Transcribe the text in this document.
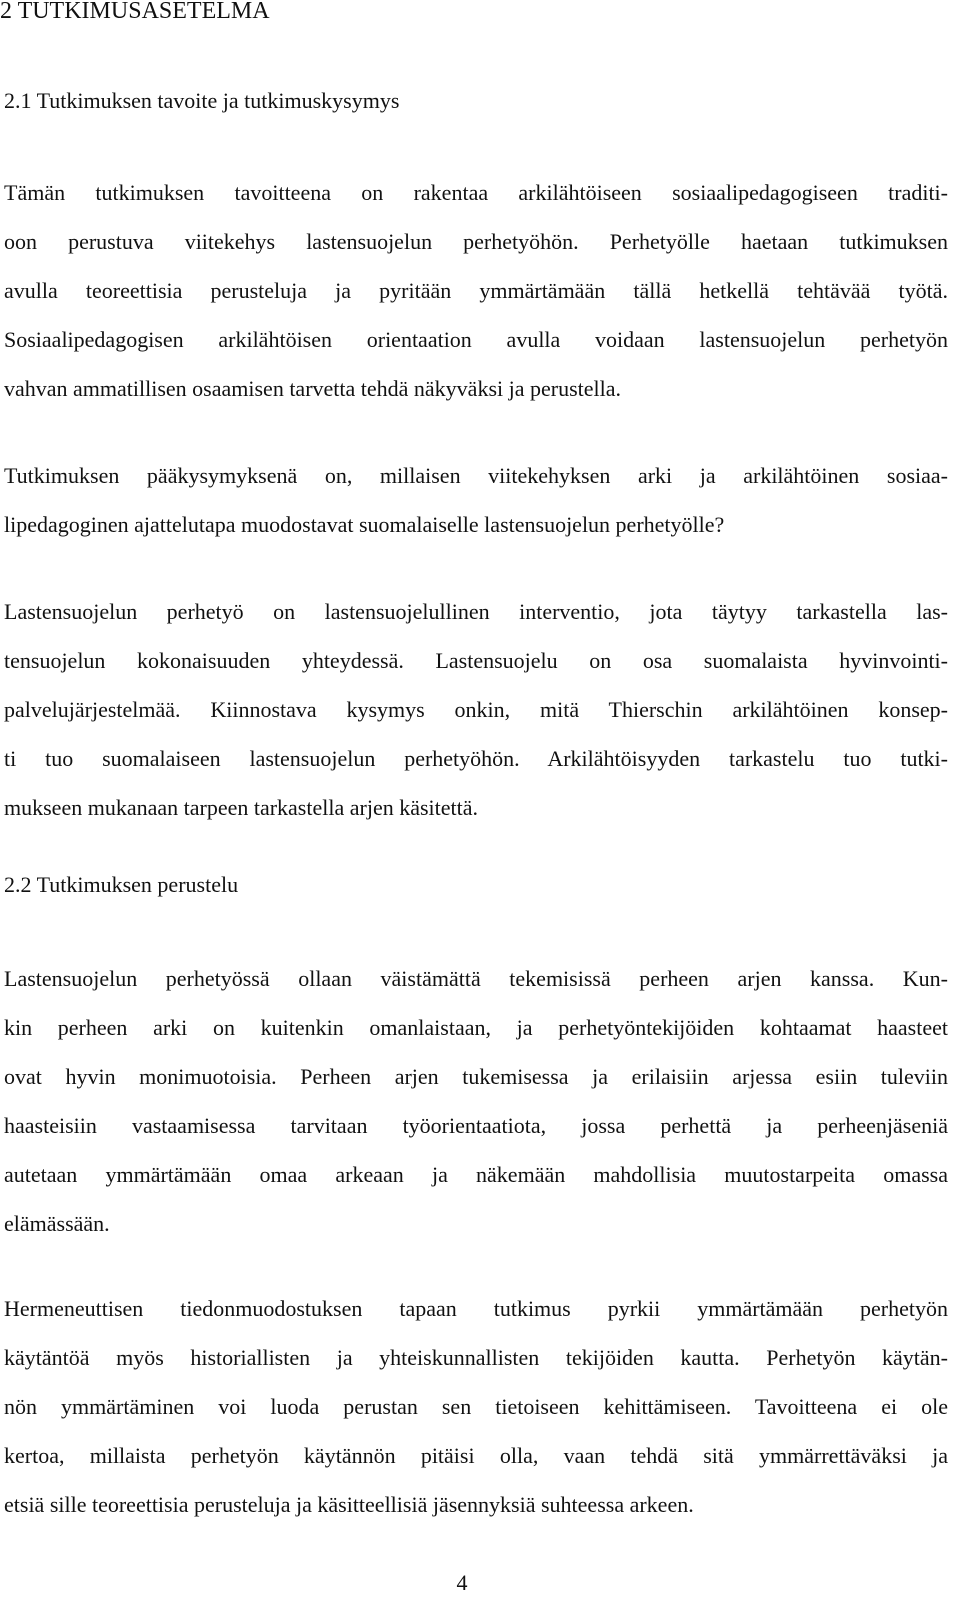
2 TUTKIMUSASETELMA
2.1 Tutkimuksen tavoite ja tutkimuskysymys
Tämän tutkimuksen tavoitteena on rakentaa arkilähtöiseen sosiaalipedagogiseen traditi-
oon perustuva viitekehys lastensuojelun perhetyöhön. Perhetyölle haetaan tutkimuksen
avulla teoreettisia perusteluja ja pyritään ymmärtämään tällä hetkellä tehtävää työtä.
Sosiaalipedagogisen arkilähtöisen orientaation avulla voidaan lastensuojelun perhetyön
vahvan ammatillisen osaamisen tarvetta tehdä näkyväksi ja perustella.
Tutkimuksen pääkysymyksenä on, millaisen viitekehyksen arki ja arkilähtöinen sosiaa-
lipedagoginen ajattelutapa muodostavat suomalaiselle lastensuojelun perhetyölle?
Lastensuojelun perhetyö on lastensuojelullinen interventio, jota täytyy tarkastella las-
tensuojelun kokonaisuuden yhteydessä. Lastensuojelu on osa suomalaista hyvinvointi-
palvelujärjestelmää. Kiinnostava kysymys onkin, mitä Thierschin arkilähtöinen konsep-
ti tuo suomalaiseen lastensuojelun perhetyöhön. Arkilähtöisyyden tarkastelu tuo tutki-
mukseen mukanaan tarpeen tarkastella arjen käsitettä.
2.2 Tutkimuksen perustelu
Lastensuojelun perhetyössä ollaan väistämättä tekemisissä perheen arjen kanssa. Kun-
kin perheen arki on kuitenkin omanlaistaan, ja perhetyöntekijöiden kohtaamat haasteet
ovat hyvin monimuotoisia. Perheen arjen tukemisessa ja erilaisiin arjessa esiin tuleviin
haasteisiin vastaamisessa tarvitaan työorientaatiota, jossa perhettä ja perheenjäseniä
autetaan ymmärtämään omaa arkeaan ja näkemään mahdollisia muutostarpeita omassa
elämässään.
Hermeneuttisen tiedonmuodostuksen tapaan tutkimus pyrkii ymmärtämään perhetyön
käytäntöä myös historiallisten ja yhteiskunnallisten tekijöiden kautta. Perhetyön käytän-
nön ymmärtäminen voi luoda perustan sen tietoiseen kehittämiseen. Tavoitteena ei ole
kertoa, millaista perhetyön käytännön pitäisi olla, vaan tehdä sitä ymmärrettäväksi ja
etsiä sille teoreettisia perusteluja ja käsitteellisiä jäsennyksiä suhteessa arkeen.
4
